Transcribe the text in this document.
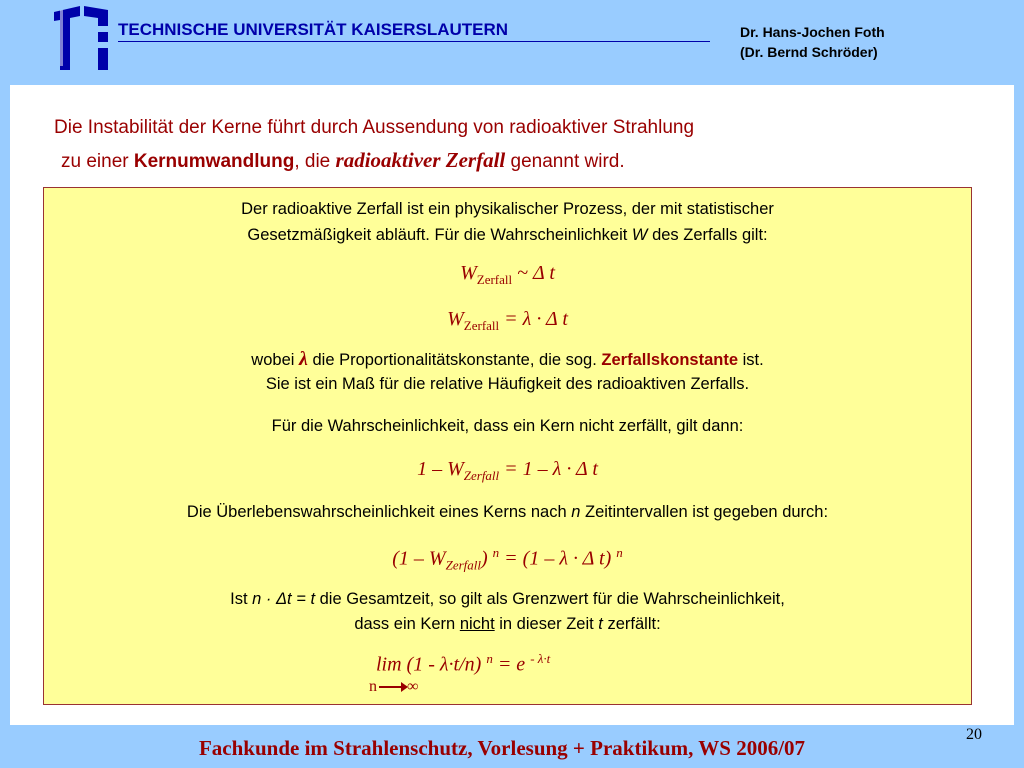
TECHNISCHE UNIVERSITÄT KAISERSLAUTERN	Dr. Hans-Jochen Foth
(Dr. Bernd Schröder)
Die Instabilität der Kerne führt durch Aussendung von radioaktiver Strahlung
zu einer Kernumwandlung, die radioaktiver Zerfall genannt wird.
Der radioaktive Zerfall ist ein physikalischer Prozess, der mit statistischer
Gesetzmäßigkeit abläuft. Für die Wahrscheinlichkeit W des Zerfalls gilt:
$W_{Zerfall}$ ~ Δ t
$W_{Zerfall} = \lambda \cdot \Delta$ t
wobei λ die Proportionalitätskonstante, die sog. Zerfallskonstante ist.
Sie ist ein Maß für die relative Häufigkeit des radioaktiven Zerfalls.
Für die Wahrscheinlichkeit, dass ein Kern nicht zerfällt, gilt dann:
$1 - W_{Zerfall} = 1 - \lambda \cdot \Delta$ t
Die Überlebenswahrscheinlichkeit eines Kerns nach n Zeitintervallen ist gegeben durch:
$(1 - W_{Zerfall})$ $^n$ = (1 – λ · Δ t) $^n$
Ist n · Δt = t die Gesamtzeit, so gilt als Grenzwert für die Wahrscheinlichkeit,
dass ein Kern nicht in dieser Zeit t zerfällt:
lim (1 - λ·t/n) $^n$ = e $^{- \lambda\cdot t}$
n ∞
20
Fachkunde im Strahlenschutz, Vorlesung + Praktikum, WS 2006/07
